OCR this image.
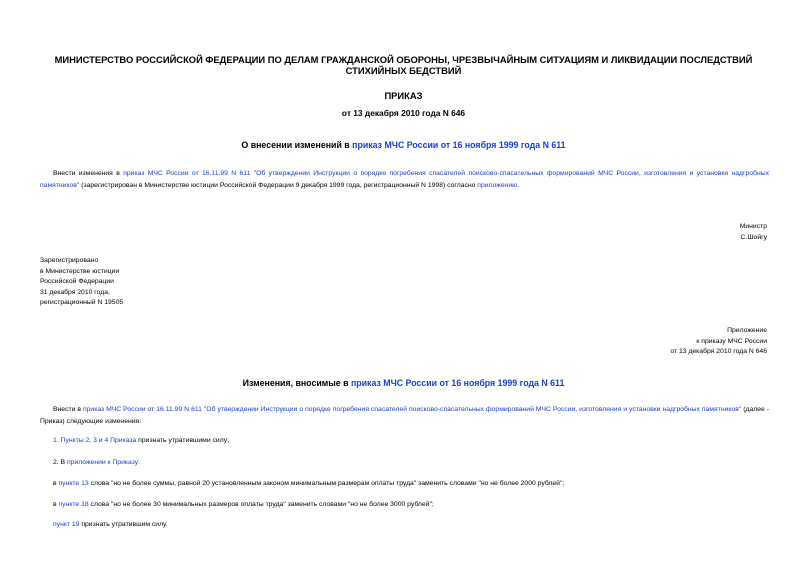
МИНИСТЕРСТВО РОССИЙСКОЙ ФЕДЕРАЦИИ ПО ДЕЛАМ ГРАЖДАНСКОЙ ОБОРОНЫ, ЧРЕЗВЫЧАЙНЫМ СИТУАЦИЯМ И ЛИКВИДАЦИИ ПОСЛЕДСТВИЙ СТИХИЙНЫХ БЕДСТВИЙ
ПРИКАЗ
от 13 декабря 2010 года N 646
О внесении изменений в приказ МЧС России от 16 ноября 1999 года N 611
Внести изменения в приказ МЧС России от 16.11.99 N 611 "Об утверждении Инструкции о порядке погребения спасателей поисково-спасательных формирований МЧС России, изготовления и установки надгробных памятников" (зарегистрирован в Министерстве юстиции Российской Федерации 9 декабря 1999 года, регистрационный N 1998) согласно приложению.
Министр
С.Шойгу
Зарегистрировано
в Министерстве юстиции
Российской Федерации
31 декабря 2010 года,
регистрационный N 19505
Приложение
к приказу МЧС России
от 13 декабря 2010 года N 646
Изменения, вносимые в приказ МЧС России от 16 ноября 1999 года N 611
Внести в приказ МЧС России от 16.11.99 N 611 "Об утверждении Инструкции о порядке погребения спасателей поисково-спасательных формирований МЧС России, изготовления и установки надгробных памятников" (далее - Приказ) следующие изменения:
1. Пункты 2, 3 и 4 Приказа признать утратившими силу;
2. В приложении к Приказу:
в пункте 13 слова "но не более суммы, равной 20 установленным законом минимальным размерам оплаты труда" заменить словами "но не более 2000 рублей";
в пункте 18 слова "но не более 30 минимальных размеров оплаты труда" заменить словами "но не более 3000 рублей";
пункт 19 признать утратившим силу.
